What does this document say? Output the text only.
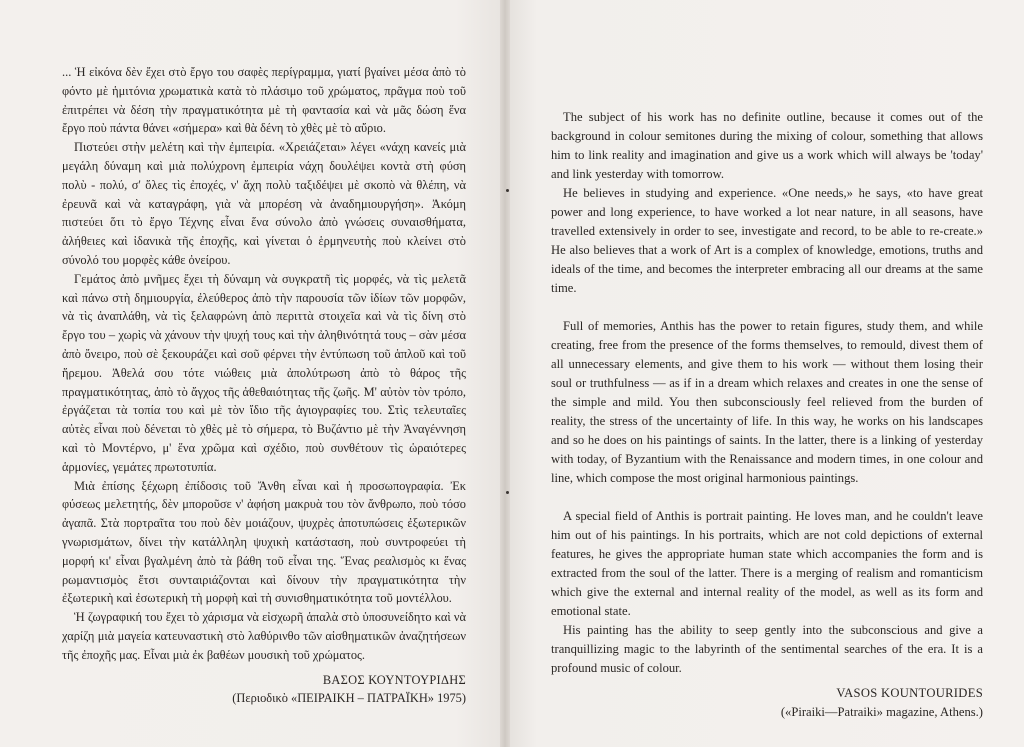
... Ἡ εἰκόνα δὲν ἔχει στὸ ἔργο του σαφὲς περίγραμμα, γιατί βγαίνει μέσα ἀπὸ τὸ φόντο μὲ ἡμιτόνια χρωματικὰ κατὰ τὸ πλάσιμο τοῦ χρώματος, πρᾶγμα ποὺ τοῦ ἐπιτρέπει νὰ δέση τὴν πραγματικότητα μὲ τὴ φαντασία καὶ νὰ μᾶς δώση ἕνα ἔργο ποὺ πάντα θάνει «σήμερα» καὶ θὰ δένη τὸ χθὲς μὲ τὸ αὔριο.

Πιστεύει στὴν μελέτη καὶ τὴν ἐμπειρία. «Χρειάζεται» λέγει «νάχη κανείς μιὰ μεγάλη δύναμη καὶ μιὰ πολύχρονη ἐμπειρία νάχη δουλέψει κοντὰ στὴ φύση πολὺ - πολύ, σ' ὅλες τὶς ἐποχές, ν' ἄχη πολὺ ταξιδέψει μὲ σκοπὸ νὰ θλέπη, νὰ ἐρευνᾶ καὶ νὰ καταγράφη, γιὰ νὰ μπορέση νὰ ἀναδημιουργήση». Ἀκόμη πιστεύει ὅτι τὸ ἔργο Τέχνης εἶναι ἕνα σύνολο ἀπὸ γνώσεις συναισθήματα, ἀλήθειες καὶ ἰδανικὰ τῆς ἐποχῆς, καὶ γίνεται ὁ ἑρμηνευτὴς ποὺ κλείνει στὸ σύνολό του μορφὲς κάθε ὀνείρου.

Γεμάτος ἀπὸ μνῆμες ἔχει τὴ δύναμη νὰ συγκρατῆ τὶς μορφές, νὰ τὶς μελετᾶ καὶ πάνω στὴ δημιουργία, ἐλεύθερος ἀπὸ τὴν παρουσία τῶν ἰδίων τῶν μορφῶν, νὰ τὶς ἀναπλάθη, νὰ τὶς ξελαφρώνη ἀπὸ περιττὰ στοιχεῖα καὶ νὰ τὶς δίνη στὸ ἔργο του – χωρὶς νὰ χάνουν τὴν ψυχή τους καὶ τὴν ἀληθινότητά τους – σὰν μέσα ἀπὸ ὄνειρο, ποὺ σὲ ξεκουράζει καὶ σοῦ φέρνει τὴν ἐντύπωση τοῦ ἁπλοῦ καὶ τοῦ ἥρεμου. Ἀθελά σου τότε νιώθεις μιὰ ἀπολύτρωση ἀπὸ τὸ θάρος τῆς πραγματικότητας, ἀπὸ τὸ ἄγχος τῆς ἀθεθαιότητας τῆς ζωῆς. Μ' αὐτὸν τὸν τρόπο, ἐργάζεται τὰ τοπία του καὶ μὲ τὸν ἴδιο τῆς ἁγιογραφίες του. Στὶς τελευταῖες αὐτὲς εἶναι ποὺ δένεται τὸ χθὲς μὲ τὸ σήμερα, τὸ Βυζάντιο μὲ τὴν Ἀναγέννηση καὶ τὸ Μοντέρνο, μ' ἕνα χρῶμα καὶ σχέδιο, ποὺ συνθέτουν τὶς ὡραιότερες ἁρμονίες, γεμάτες πρωτοτυπία.

Μιὰ ἐπίσης ξέχωρη ἐπίδοσις τοῦ Ἄνθη εἶναι καὶ ἡ προσωπογραφία. Ἐκ φύσεως μελετητής, δὲν μποροῦσε ν' ἀφήση μακρυὰ του τὸν ἄνθρωπο, ποὺ τόσο ἀγαπᾶ. Στὰ πορτραῖτα του ποὺ δὲν μοιάζουν, ψυχρὲς ἀποτυπώσεις ἐξωτερικῶν γνωρισμάτων, δίνει τὴν κατάλληλη ψυχικὴ κατάσταση, ποὺ συντροφεύει τὴ μορφή κι' εἶναι βγαλμένη ἀπὸ τὰ βάθη τοῦ εἶναι της. Ἕνας ρεαλισμὸς κι ἕνας ρωμαντισμὸς ἔτσι συνταιριάζονται καὶ δίνουν τὴν πραγματικότητα τὴν ἐξωτερικὴ καὶ ἐσωτερικὴ τὴ μορφὴ καὶ τὴ συνισθηματικότητα τοῦ μοντέλλου.

Ἡ ζωγραφική του ἔχει τὸ χάρισμα νὰ εἰσχωρῆ ἁπαλὰ στὸ ὑποσυνείδητο καὶ νὰ χαρίζη μιὰ μαγεία κατευναστικὴ στὸ λαθύρινθο τῶν αἰσθηματικῶν ἀναζητήσεων τῆς ἐποχῆς μας. Εἶναι μιὰ ἐκ βαθέων μουσικὴ τοῦ χρώματος.

ΒΑΣΟΣ ΚΟΥΝΤΟΥΡΙΔΗΣ
(Περιοδικὸ «ΠΕΙΡΑΙΚΗ – ΠΑΤΡΑΪΚΗ» 1975)

The subject of his work has no definite outline, because it comes out of the background in colour semitones during the mixing of colour, something that allows him to link reality and imagination and give us a work which will always be 'today' and link yesterday with tomorrow.

He believes in studying and experience. «One needs,» he says, «to have great power and long experience, to have worked a lot near nature, in all seasons, have travelled extensively in order to see, investigate and record, to be able to re-create.» He also believes that a work of Art is a complex of knowledge, emotions, truths and ideals of the time, and becomes the interpreter embracing all our dreams at the same time.

Full of memories, Anthis has the power to retain figures, study them, and while creating, free from the presence of the forms themselves, to remould, divest them of all unnecessary elements, and give them to his work — without them losing their soul or truthfulness — as if in a dream which relaxes and creates in one the sense of the simple and mild. You then subconsciously feel relieved from the burden of reality, the stress of the uncertainty of life. In this way, he works on his landscapes and so he does on his paintings of saints. In the latter, there is a linking of yesterday with today, of Byzantium with the Renaissance and modern times, in one colour and line, which compose the most original harmonious paintings.

A special field of Anthis is portrait painting. He loves man, and he couldn't leave him out of his paintings. In his portraits, which are not cold depictions of external features, he gives the appropriate human state which accompanies the form and is extracted from the soul of the latter. There is a merging of realism and romanticism which give the external and internal reality of the model, as well as its form and emotional state.

His painting has the ability to seep gently into the subconscious and give a tranquillizing magic to the labyrinth of the sentimental searches of the era. It is a profound music of colour.

VASOS KOUNTOURIDES
(«Piraiki—Patraiki» magazine, Athens.)
